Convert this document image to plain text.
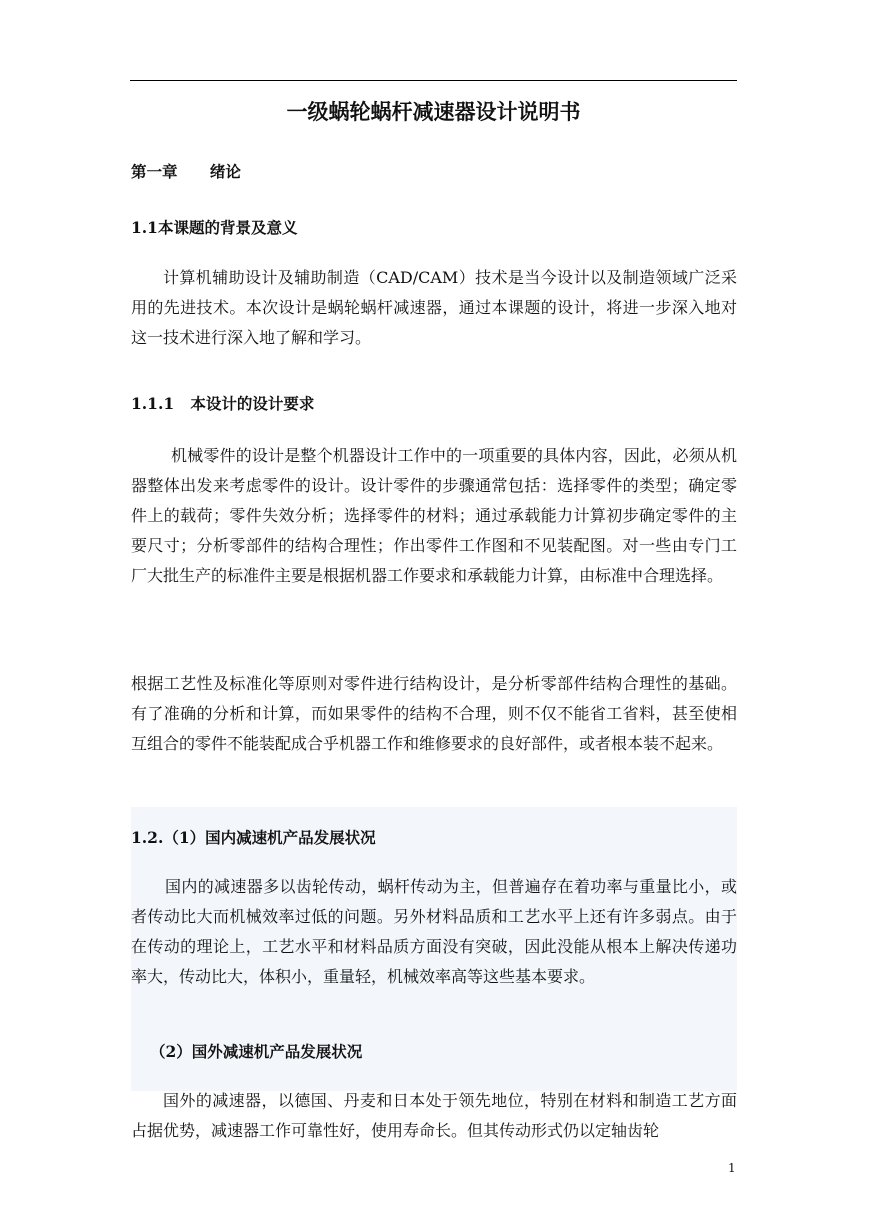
一级蜗轮蜗杆减速器设计说明书
第一章      绪论
1.1本课题的背景及意义

计算机辅助设计及辅助制造（CAD/CAM）技术是当今设计以及制造领域广泛采用的先进技术。本次设计是蜗轮蜗杆减速器，通过本课题的设计，将进一步深入地对这一技术进行深入地了解和学习。

1.1.1   本设计的设计要求

机械零件的设计是整个机器设计工作中的一项重要的具体内容，因此，必须从机器整体出发来考虑零件的设计。设计零件的步骤通常包括：选择零件的类型；确定零件上的载荷；零件失效分析；选择零件的材料；通过承载能力计算初步确定零件的主要尺寸；分析零部件的结构合理性；作出零件工作图和不见装配图。对一些由专门工厂大批生产的标准件主要是根据机器工作要求和承载能力计算，由标准中合理选择。

根据工艺性及标准化等原则对零件进行结构设计，是分析零部件结构合理性的基础。有了准确的分析和计算，而如果零件的结构不合理，则不仅不能省工省料，甚至使相互组合的零件不能装配成合乎机器工作和维修要求的良好部件，或者根本装不起来。

1.2.（1）国内减速机产品发展状况

国内的减速器多以齿轮传动，蜗杆传动为主，但普遍存在着功率与重量比小，或者传动比大而机械效率过低的问题。另外材料品质和工艺水平上还有许多弱点。由于在传动的理论上，工艺水平和材料品质方面没有突破，因此没能从根本上解决传递功率大，传动比大，体积小，重量轻，机械效率高等这些基本要求。

（2）国外减速机产品发展状况

国外的减速器，以德国、丹麦和日本处于领先地位，特别在材料和制造工艺方面占据优势，减速器工作可靠性好，使用寿命长。但其传动形式仍以定轴齿轮

1
